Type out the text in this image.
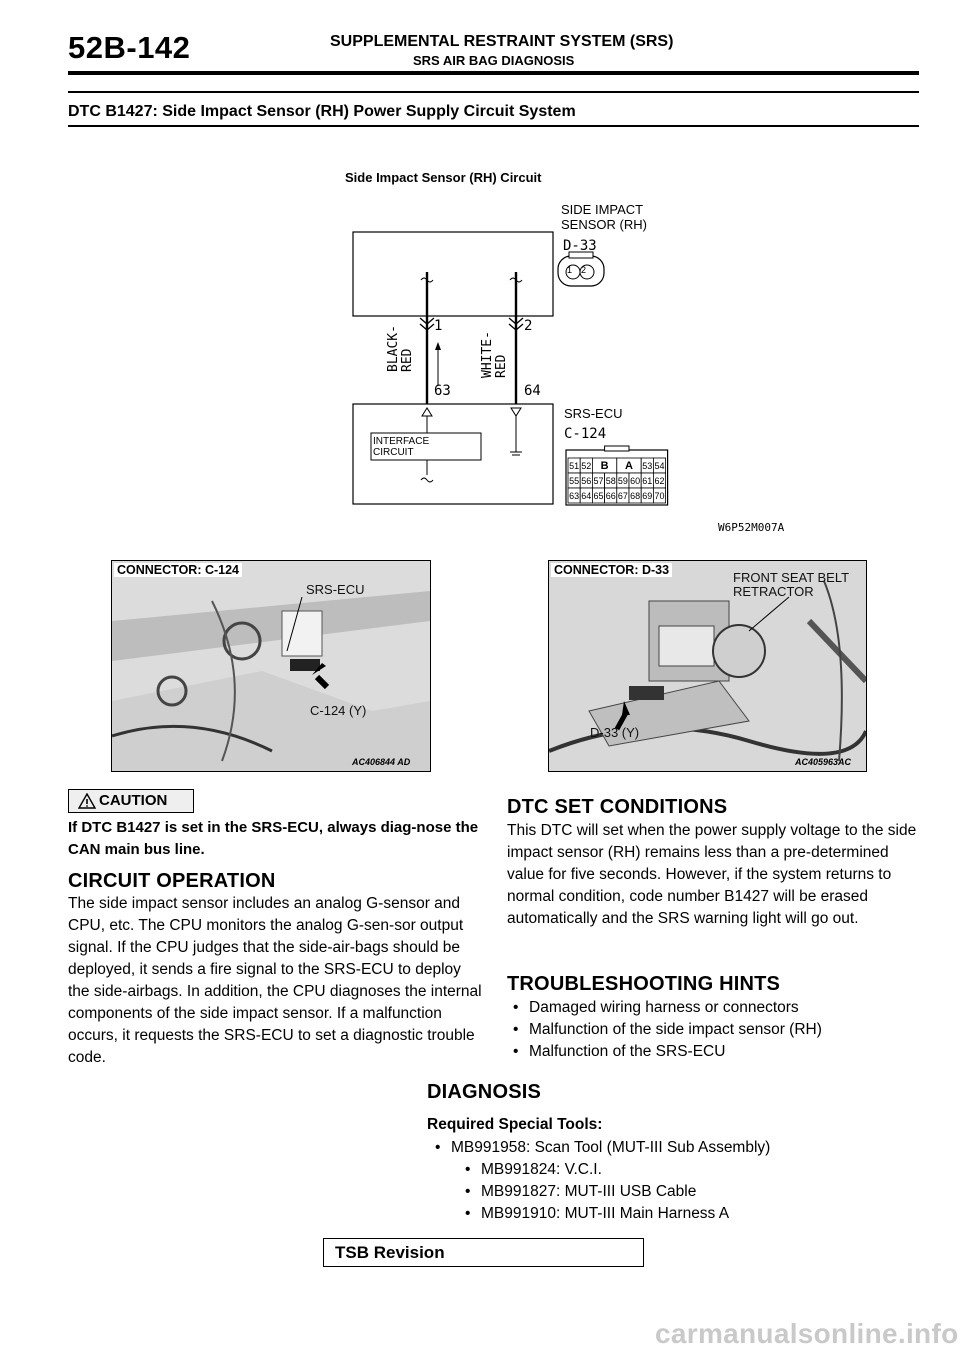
52B-142	SUPPLEMENTAL RESTRAINT SYSTEM (SRS)
SRS AIR BAG DIAGNOSIS
DTC B1427: Side Impact Sensor (RH) Power Supply Circuit System
Side Impact Sensor (RH) Circuit
51 52 B A 53 54
55 56 57 58 59 60 61 62
63 64 65 66 67 68 69 70
SIDE IMPACT
SENSOR (RH)
D-33
1 2
1	2
63	64
BLACK- RED	WHITE- RED
INTERFACE
CIRCUIT
SRS-ECU
C-124
W6P52M007A
CONNECTOR: C-124
SRS-ECU
C-124 (Y)
AC406844 AD
CONNECTOR: D-33	FRONT SEAT BELT
RETRACTOR
D-33 (Y)
AC405963AC
CAUTION
If DTC B1427 is set in the SRS-ECU, always diag-nose the CAN main bus line.
CIRCUIT OPERATION
The side impact sensor includes an analog G-sensor and CPU, etc. The CPU monitors the analog G-sen-sor output signal. If the CPU judges that the side-air-bags should be deployed, it sends a fire signal to the SRS-ECU to deploy the side-airbags. In addition, the CPU diagnoses the internal components of the side impact sensor. If a malfunction occurs, it requests the SRS-ECU to set a diagnostic trouble code.
DTC SET CONDITIONS
This DTC will set when the power supply voltage to the side impact sensor (RH) remains less than a pre-determined value for five seconds. However, if the system returns to normal condition, code number B1427 will be erased automatically and the SRS warning light will go out.
TROUBLESHOOTING HINTS
• Damaged wiring harness or connectors
• Malfunction of the side impact sensor (RH)
• Malfunction of the SRS-ECU
DIAGNOSIS
Required Special Tools:
• MB991958: Scan Tool (MUT-III Sub Assembly)
• MB991824: V.C.I.
• MB991827: MUT-III USB Cable
• MB991910: MUT-III Main Harness A
TSB Revision
carmanualsonline.info
